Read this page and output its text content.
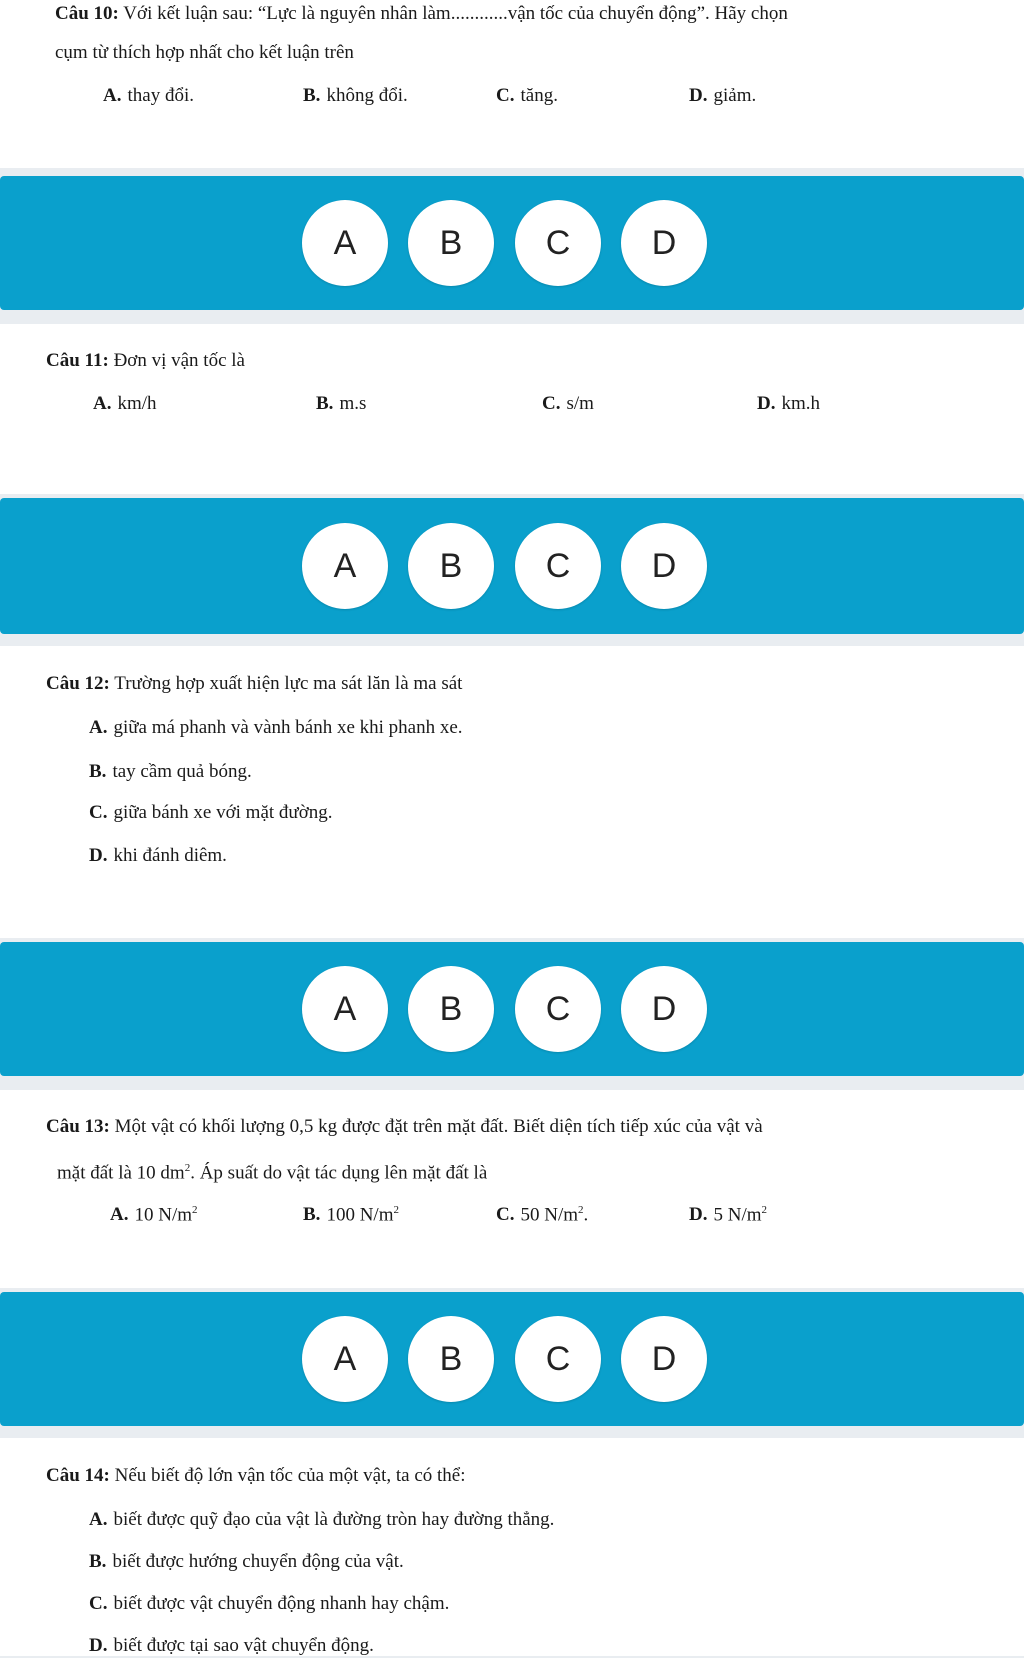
Câu 10: Với kết luận sau: “Lực là nguyên nhân làm............vận tốc của chuyển động”. Hãy chọn
cụm từ thích hợp nhất cho kết luận trên
A. thay đổi.	B. không đổi.	C. tăng.	D. giảm.
A	B	C	D
Câu 11: Đơn vị vận tốc là
A. km/h	B. m.s	C. s/m	D. km.h
A	B	C	D
Câu 12: Trường hợp xuất hiện lực ma sát lăn là ma sát
A. giữa má phanh và vành bánh xe khi phanh xe.
B. tay cầm quả bóng.
C. giữa bánh xe với mặt đường.
D. khi đánh diêm.
A	B	C	D
Câu 13: Một vật có khối lượng 0,5 kg được đặt trên mặt đất. Biết diện tích tiếp xúc của vật và
mặt đất là 10 $dm^2$. Áp suất do vật tác dụng lên mặt đất là
A. 10 $N/m^2$	B. 100 $N/m^2$	C. 50 $N/m^2$.	D. 5 $N/m^2$
A	B	C	D
Câu 14: Nếu biết độ lớn vận tốc của một vật, ta có thể:
A. biết được quỹ đạo của vật là đường tròn hay đường thẳng.
B. biết được hướng chuyển động của vật.
C. biết được vật chuyển động nhanh hay chậm.
D. biết được tại sao vật chuyển động.
